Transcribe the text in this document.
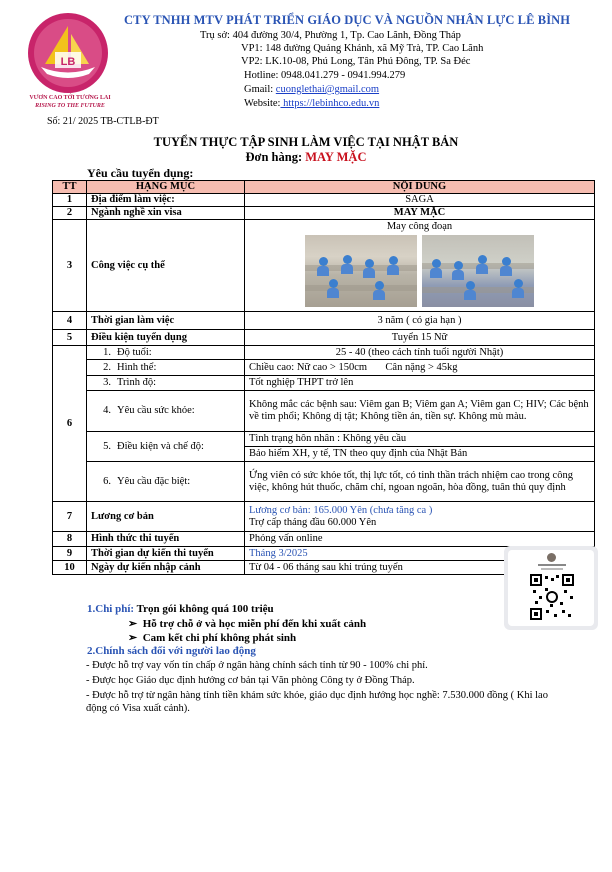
LB
VƯƠN CAO TỚI TƯƠNG LAI
RISING TO THE FUTURE
CTY TNHH MTV PHÁT TRIỂN GIÁO DỤC VÀ NGUỒN NHÂN LỰC LÊ BÌNH
Trụ sở: 404 đường 30/4, Phường 1, Tp. Cao Lãnh, Đồng Tháp
VP1: 148 đường Quảng Khánh, xã Mỹ Trà, TP. Cao Lãnh
VP2: LK.10-08, Phú Long, Tân Phú Đông, TP. Sa Đéc
Hotline: 0948.041.279 - 0941.994.279
Gmail: cuonglethai@gmail.com
Website: https://lebinhco.edu.vn
Số: 21/ 2025 TB-CTLB-ĐT
TUYỂN THỰC TẬP SINH LÀM VIỆC TẠI NHẬT BẢN
Đơn hàng: MAY MẶC
Yêu cầu tuyển dụng:
TT	HẠNG MỤC	NỘI DUNG
1	Địa điểm làm việc:	SAGA
2	Ngành nghề xin visa	MAY MẶC
3	Công việc cụ thể	May công đoạn

4	Thời gian làm việc	3 năm ( có gia hạn )
5	Điều kiện tuyển dụng	Tuyển 15 Nữ
6	1. Độ tuổi:	25 - 40 (theo cách tính tuổi người Nhật)
	2. Hình thể:	Chiều cao: Nữ cao > 150cm       Cân nặng > 45kg
	3. Trình độ:	Tốt nghiệp THPT trở lên
	4. Yêu cầu sức khỏe:	Không mắc các bệnh sau: Viêm gan B; Viêm gan A; Viêm gan C; HIV; Các bệnh về tim phổi; Không dị tật; Không tiền án, tiền sự. Không mù màu.
	5. Điều kiện và chế độ:	Tình trạng hôn nhân : Không yêu cầu
		Bảo hiểm XH, y tế, TN theo quy định của Nhật Bản
	6. Yêu cầu đặc biệt:	Ứng viên có sức khỏe tốt, thị lực tốt, có tinh thần trách nhiệm cao trong công việc, không hút thuốc, chăm chỉ, ngoan ngoãn, hòa đồng, tuân thủ quy định
7	Lương cơ bản	Lương cơ bản: 165.000 Yên (chưa tăng ca )
Trợ cấp tháng đầu 60.000 Yên

8	Hình thức thi tuyển	Phỏng vấn online
9	Thời gian dự kiến thi tuyển	Tháng 3/2025
10	Ngày dự kiến nhập cảnh	Từ 04 - 06 tháng sau khi trúng tuyển
1.Chi phí: Trọn gói không quá 100 triệu
➢  Hỗ trợ chỗ ở và học miễn phí đến khi xuất cảnh
➢  Cam kết chi phí không phát sinh
2.Chính sách đối với người lao động
- Được hỗ trợ vay vốn tín chấp ở ngân hàng chính sách tỉnh từ 90 - 100% chi phí.
- Được học Giáo dục định hướng cơ bản tại Văn phòng Công ty ở Đồng Tháp.
- Được hỗ trợ từ ngân hàng tỉnh tiền khám sức khỏe, giáo dục định hướng học nghề: 7.530.000 đồng ( Khi lao động có Visa xuất cảnh).
